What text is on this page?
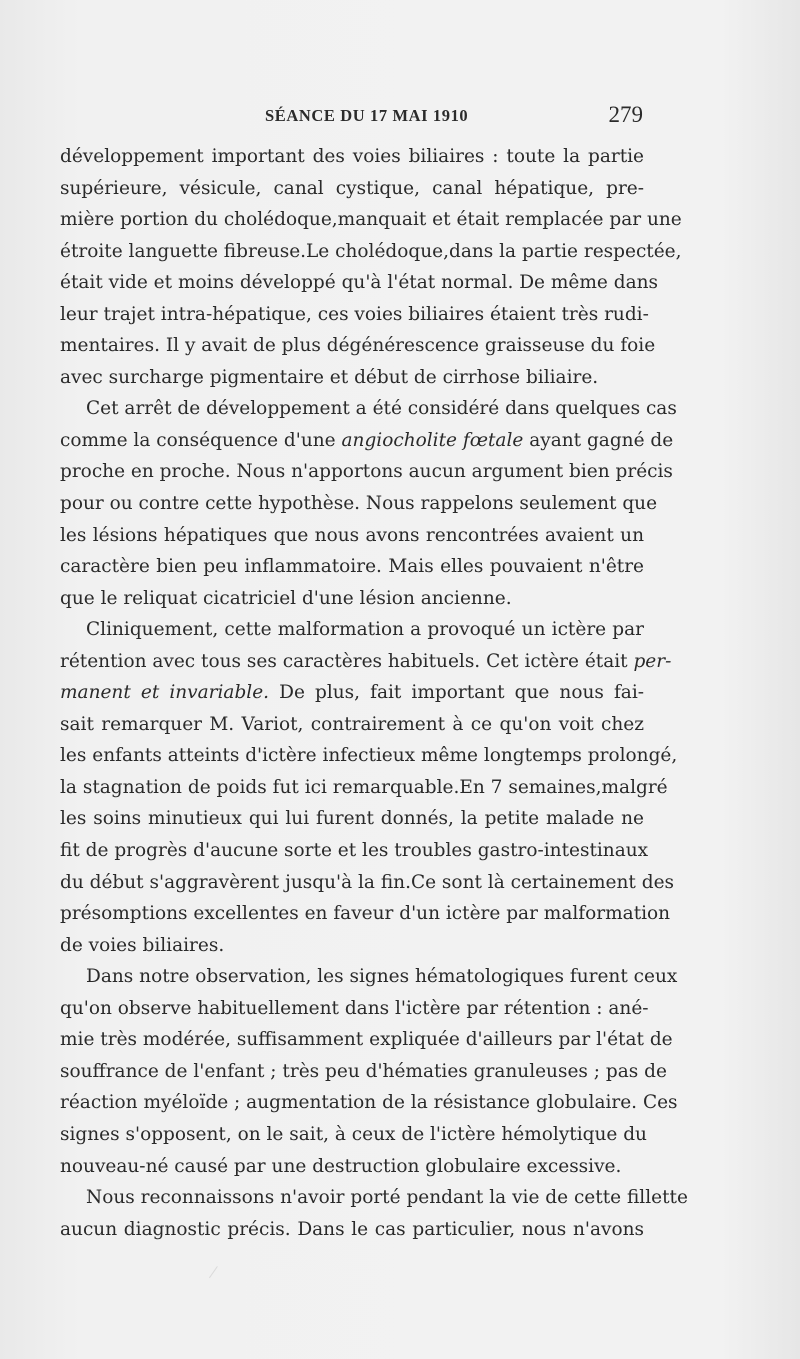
SÉANCE DU 17 MAI 1910	279
développement important des voies biliaires : toute la partie
supérieure, vésicule, canal cystique, canal hépatique, pre-
mière portion du cholédoque,manquait et était remplacée par une
étroite languette fibreuse.Le cholédoque,dans la partie respectée,
était vide et moins développé qu'à l'état normal. De même dans
leur trajet intra-hépatique, ces voies biliaires étaient très rudi-
mentaires. Il y avait de plus dégénérescence graisseuse du foie
avec surcharge pigmentaire et début de cirrhose biliaire.
Cet arrêt de développement a été considéré dans quelques cas
comme la conséquence d'une angiocholite fœtale ayant gagné de
proche en proche. Nous n'apportons aucun argument bien précis
pour ou contre cette hypothèse. Nous rappelons seulement que
les lésions hépatiques que nous avons rencontrées avaient un
caractère bien peu inflammatoire. Mais elles pouvaient n'être
que le reliquat cicatriciel d'une lésion ancienne.
Cliniquement, cette malformation a provoqué un ictère par
rétention avec tous ses caractères habituels. Cet ictère était per-
manent et invariable. De plus, fait important que nous fai-
sait remarquer M. Variot, contrairement à ce qu'on voit chez
les enfants atteints d'ictère infectieux même longtemps prolongé,
la stagnation de poids fut ici remarquable.En 7 semaines,malgré
les soins minutieux qui lui furent donnés, la petite malade ne
fit de progrès d'aucune sorte et les troubles gastro-intestinaux
du début s'aggravèrent jusqu'à la fin.Ce sont là certainement des
présomptions excellentes en faveur d'un ictère par malformation
de voies biliaires.
Dans notre observation, les signes hématologiques furent ceux
qu'on observe habituellement dans l'ictère par rétention : ané-
mie très modérée, suffisamment expliquée d'ailleurs par l'état de
souffrance de l'enfant ; très peu d'hématies granuleuses ; pas de
réaction myéloïde ; augmentation de la résistance globulaire. Ces
signes s'opposent, on le sait, à ceux de l'ictère hémolytique du
nouveau-né causé par une destruction globulaire excessive.
Nous reconnaissons n'avoir porté pendant la vie de cette fillette
aucun diagnostic précis. Dans le cas particulier, nous n'avons
